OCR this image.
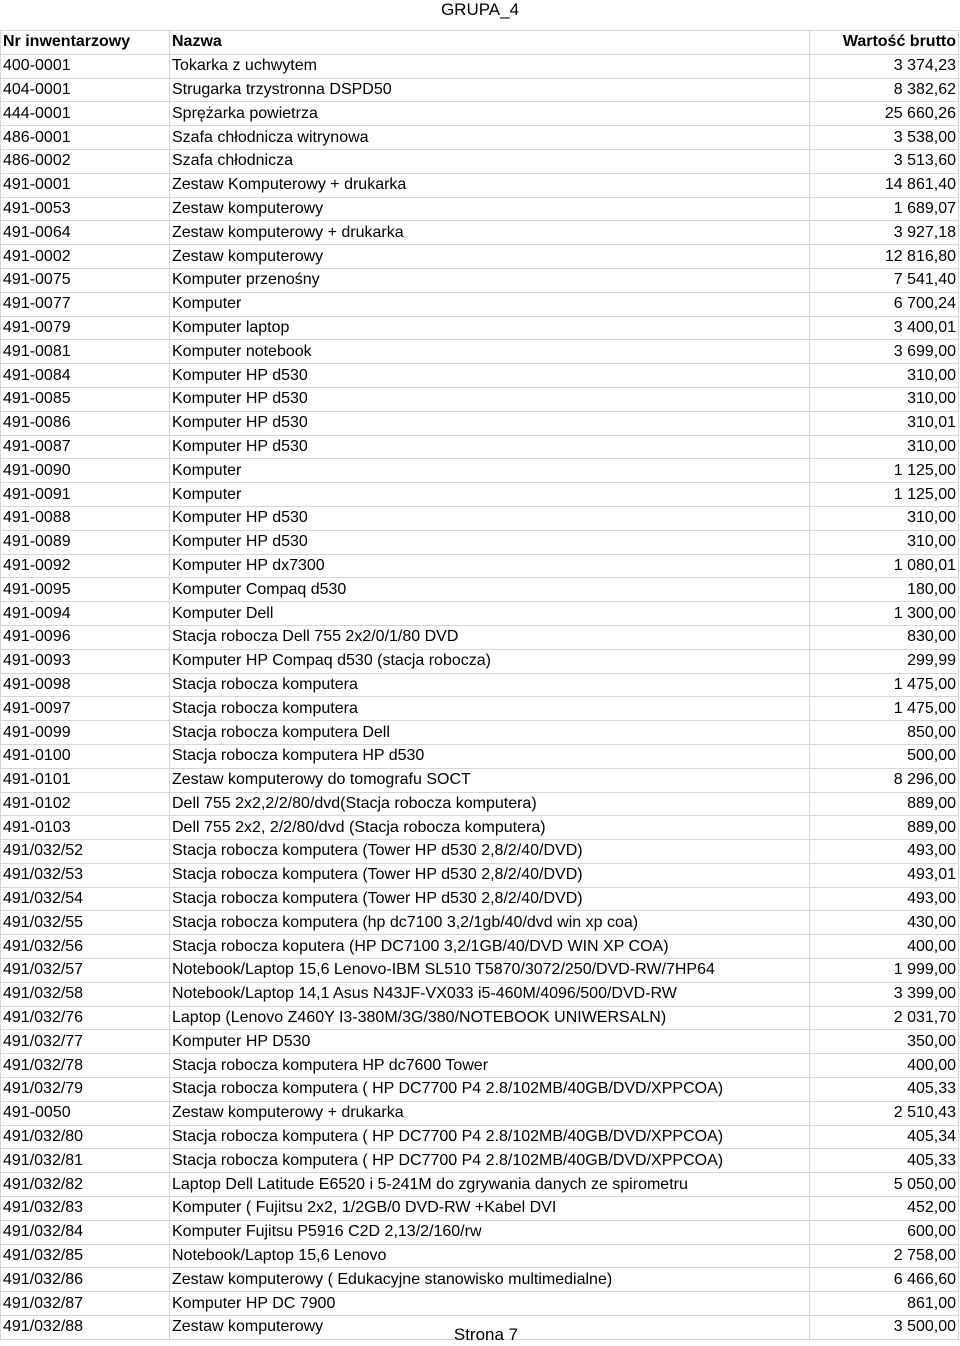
GRUPA_4
Nr inwentarzowy	Nazwa	Wartość brutto
400-0001	Tokarka z uchwytem	3 374,23
404-0001	Strugarka trzystronna DSPD50	8 382,62
444-0001	Sprężarka powietrza	25 660,26
486-0001	Szafa chłodnicza witrynowa	3 538,00
486-0002	Szafa chłodnicza	3 513,60
491-0001	Zestaw Komputerowy + drukarka	14 861,40
491-0053	Zestaw komputerowy	1 689,07
491-0064	Zestaw komputerowy + drukarka	3 927,18
491-0002	Zestaw komputerowy	12 816,80
491-0075	Komputer przenośny	7 541,40
491-0077	Komputer	6 700,24
491-0079	Komputer laptop	3 400,01
491-0081	Komputer notebook	3 699,00
491-0084	Komputer HP d530	310,00
491-0085	Komputer HP d530	310,00
491-0086	Komputer HP d530	310,01
491-0087	Komputer HP d530	310,00
491-0090	Komputer	1 125,00
491-0091	Komputer	1 125,00
491-0088	Komputer HP d530	310,00
491-0089	Komputer HP d530	310,00
491-0092	Komputer HP dx7300	1 080,01
491-0095	Komputer Compaq d530	180,00
491-0094	Komputer Dell	1 300,00
491-0096	Stacja robocza Dell 755 2x2/0/1/80 DVD	830,00
491-0093	Komputer HP Compaq d530 (stacja robocza)	299,99
491-0098	Stacja robocza komputera	1 475,00
491-0097	Stacja robocza komputera	1 475,00
491-0099	Stacja robocza komputera Dell	850,00
491-0100	Stacja robocza komputera HP d530	500,00
491-0101	Zestaw komputerowy do tomografu SOCT	8 296,00
491-0102	Dell 755 2x2,2/2/80/dvd(Stacja robocza komputera)	889,00
491-0103	Dell 755 2x2, 2/2/80/dvd (Stacja robocza komputera)	889,00
491/032/52	Stacja robocza komputera (Tower HP d530 2,8/2/40/DVD)	493,00
491/032/53	Stacja robocza komputera (Tower HP d530 2,8/2/40/DVD)	493,01
491/032/54	Stacja robocza komputera (Tower HP d530 2,8/2/40/DVD)	493,00
491/032/55	Stacja robocza komputera (hp dc7100 3,2/1gb/40/dvd win xp coa)	430,00
491/032/56	Stacja robocza koputera (HP DC7100 3,2/1GB/40/DVD WIN XP COA)	400,00
491/032/57	Notebook/Laptop 15,6 Lenovo-IBM SL510 T5870/3072/250/DVD-RW/7HP64	1 999,00
491/032/58	Notebook/Laptop 14,1 Asus N43JF-VX033 i5-460M/4096/500/DVD-RW	3 399,00
491/032/76	Laptop (Lenovo Z460Y I3-380M/3G/380/NOTEBOOK UNIWERSALN)	2 031,70
491/032/77	Komputer HP D530	350,00
491/032/78	Stacja robocza komputera HP dc7600 Tower	400,00
491/032/79	Stacja robocza komputera ( HP DC7700 P4 2.8/102MB/40GB/DVD/XPPCOA)	405,33
491-0050	Zestaw komputerowy + drukarka	2 510,43
491/032/80	Stacja robocza komputera ( HP DC7700 P4 2.8/102MB/40GB/DVD/XPPCOA)	405,34
491/032/81	Stacja robocza komputera ( HP DC7700 P4 2.8/102MB/40GB/DVD/XPPCOA)	405,33
491/032/82	Laptop Dell Latitude E6520 i 5-241M do zgrywania danych ze spirometru	5 050,00
491/032/83	Komputer ( Fujitsu 2x2, 1/2GB/0 DVD-RW +Kabel DVI	452,00
491/032/84	Komputer Fujitsu P5916 C2D 2,13/2/160/rw	600,00
491/032/85	Notebook/Laptop 15,6 Lenovo	2 758,00
491/032/86	Zestaw komputerowy ( Edukacyjne stanowisko multimedialne)	6 466,60
491/032/87	Komputer HP DC 7900	861,00
491/032/88	Zestaw komputerowy	3 500,00
Strona 7
